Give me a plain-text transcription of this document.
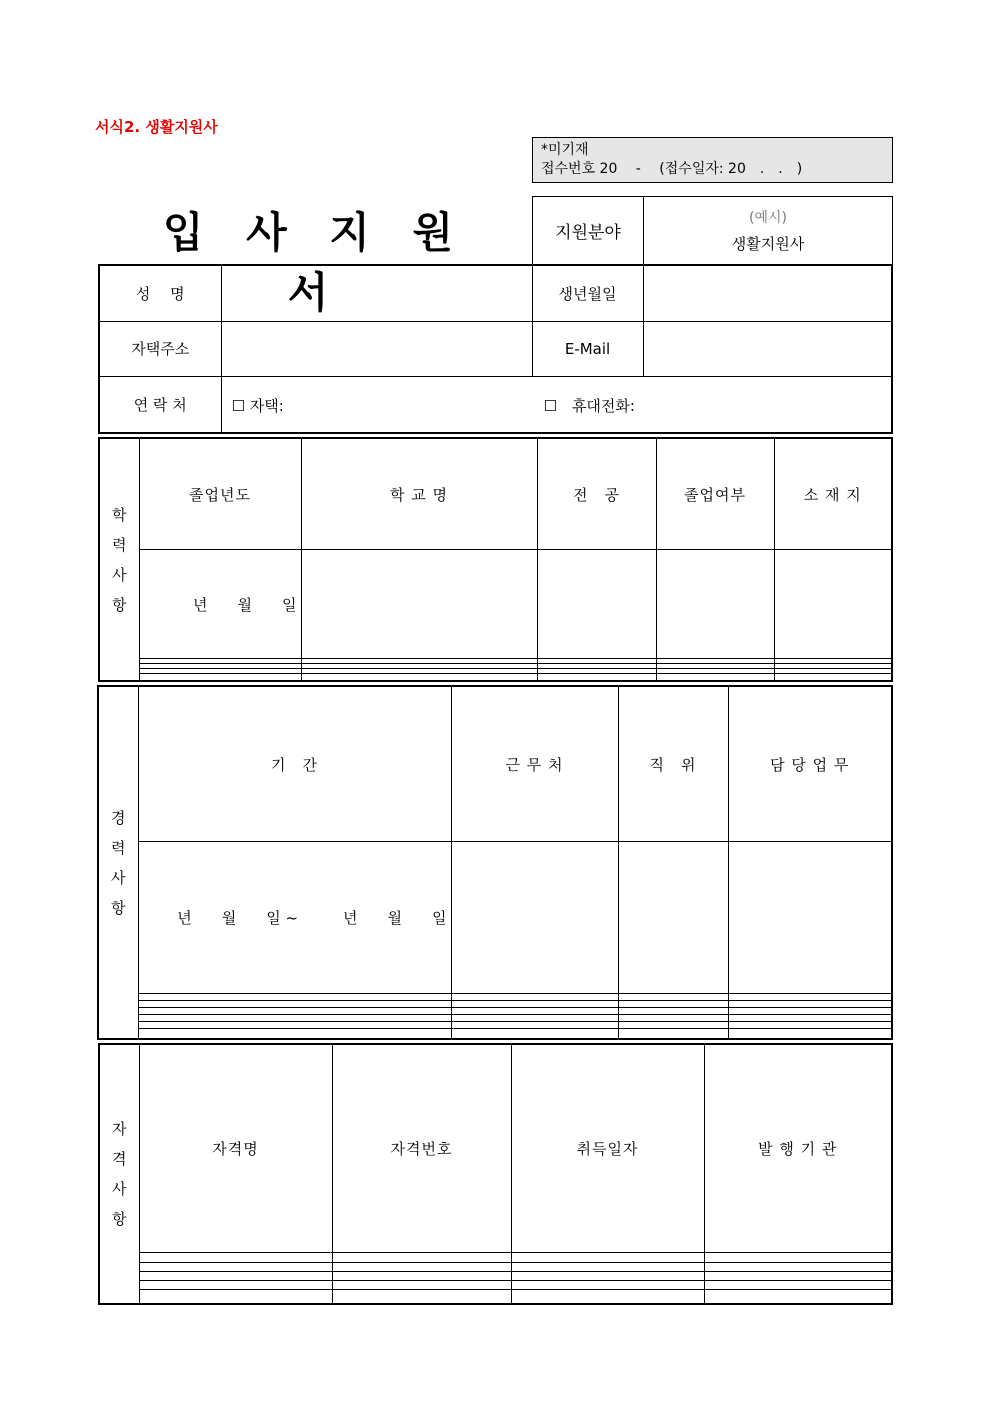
서식2. 생활지원사
*미기재
접수번호 20　 -　 (접수일자: 20　.　.　)
입 사 지 원 서
지원분야	
(예시)
생활지원사
성　 명		생년월일	
자택주소		E-Mail	
연 락 처	☐ 자택: ☐　휴대전화:		
학
력
사
항	졸업년도	학 교 명	전　공	졸업여부	소 재 지
	년　　월　　일				

경
력
사
항	기　간	근 무 처	직　위	담 당 업 무
	년　　월　　일 ~　　　년　　월　　일			

자
격
사
항	자격명	자격번호	취득일자	발 행 기 관
